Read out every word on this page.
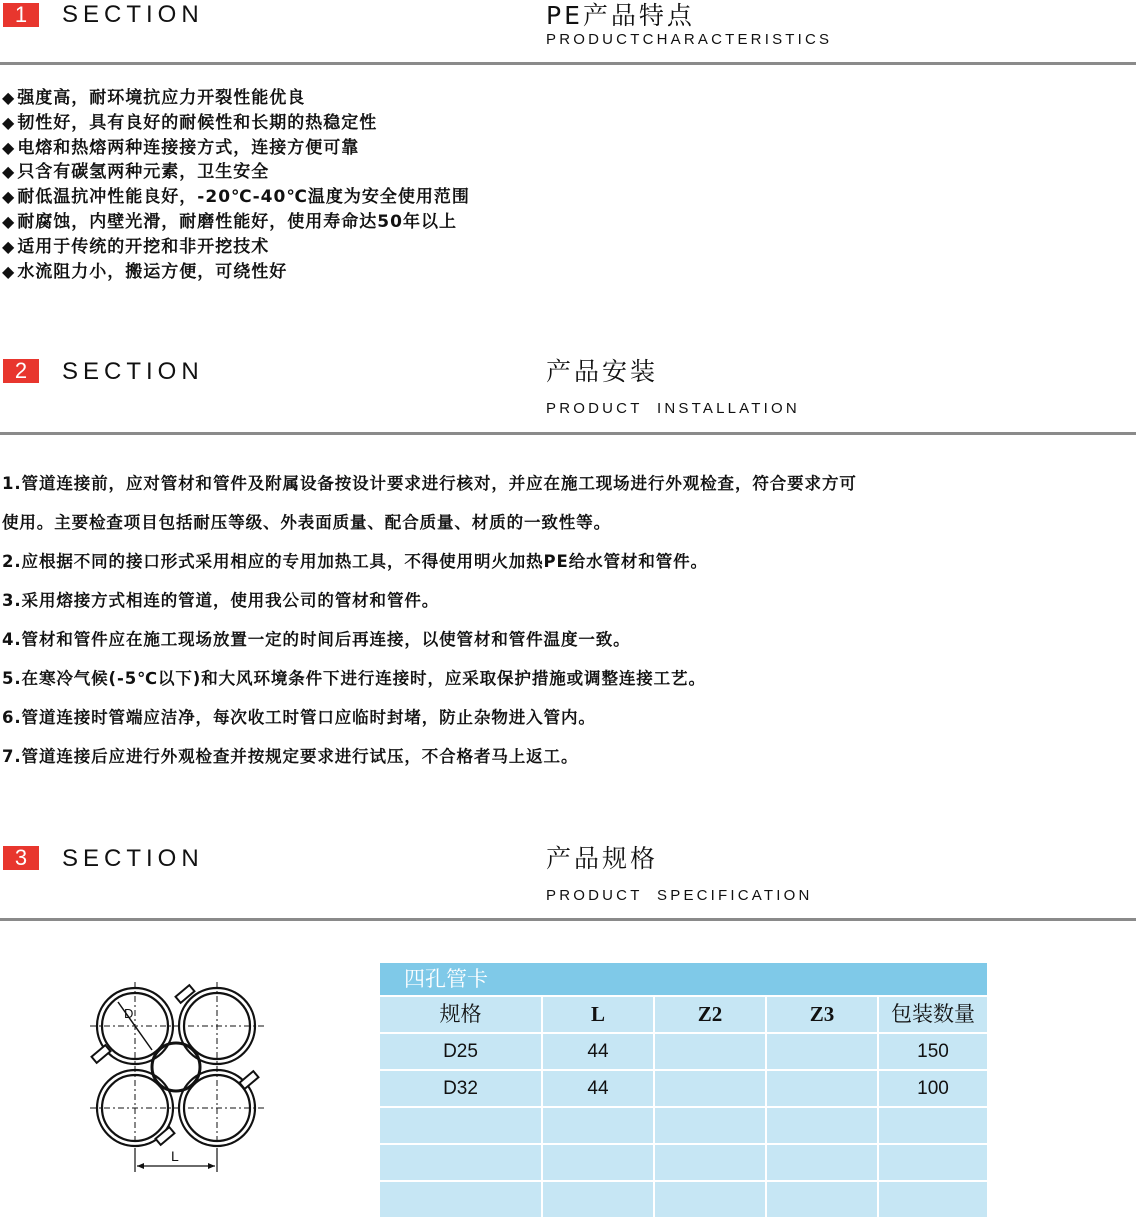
1	SECTION	PE产品特点
PRODUCTCHARACTERISTICS
◆ 强度高，耐环境抗应力开裂性能优良
◆ 韧性好，具有良好的耐候性和长期的热稳定性
◆ 电熔和热熔两种连接接方式，连接方便可靠
◆ 只含有碳氢两种元素，卫生安全
◆ 耐低温抗冲性能良好，-20℃-40℃温度为安全使用范围
◆ 耐腐蚀，内壁光滑，耐磨性能好，使用寿命达50年以上
◆ 适用于传统的开挖和非开挖技术
◆ 水流阻力小，搬运方便，可绕性好
2	SECTION	产品安装
PRODUCT  INSTALLATION
1.管道连接前，应对管材和管件及附属设备按设计要求进行核对，并应在施工现场进行外观检查，符合要求方可
使用。主要检查项目包括耐压等级、外表面质量、配合质量、材质的一致性等。
2.应根据不同的接口形式采用相应的专用加热工具，不得使用明火加热PE给水管材和管件。
3.采用熔接方式相连的管道，使用我公司的管材和管件。
4.管材和管件应在施工现场放置一定的时间后再连接，以使管材和管件温度一致。
5.在寒冷气候(-5℃以下)和大风环境条件下进行连接时，应采取保护措施或调整连接工艺。
6.管道连接时管端应洁净，每次收工时管口应临时封堵，防止杂物进入管内。
7.管道连接后应进行外观检查并按规定要求进行试压，不合格者马上返工。
3	SECTION	产品规格
PRODUCT  SPECIFICATION
D
L
四孔管卡				
规格	L	Z2	Z3	包装数量
D25	44			150
D32	44			100
